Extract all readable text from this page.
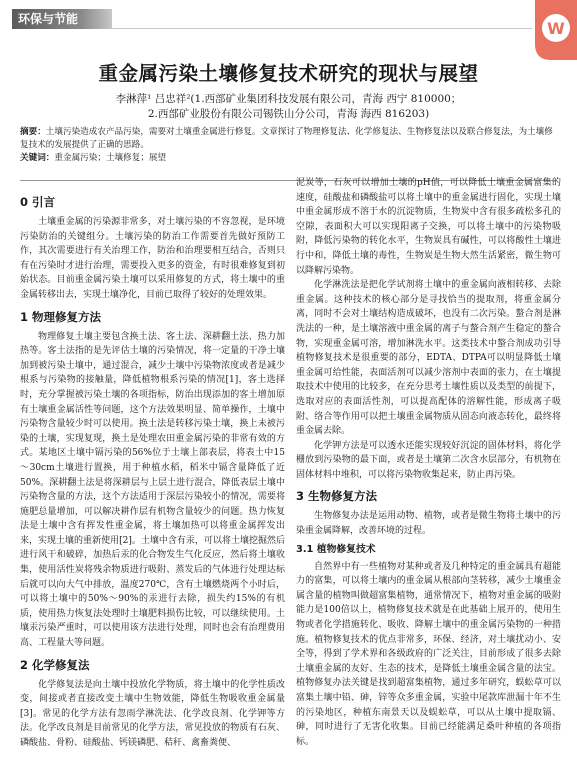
环保与节能	W
重金属污染土壤修复技术研究的现状与展望
李淋萍¹ 吕忠祥²(1.西部矿业集团科技发展有限公司，青海 西宁 810000；
2.西部矿业股份有限公司锡铁山分公司，青海 海西 816203)
摘要：土壤污染造成农产品污染，需要对土壤重金属进行修复。文章探讨了物理修复法、化学修复法、生物修复法以及联合修复法，为土壤修复技术的发展提供了正确的思路。
关键词：重金属污染；土壤修复；展望
0 引言

土壤重金属的污染源非常多，对土壤污染的不容忽视，是环境污染防治的关键组分。土壤污染的防治工作需要首先做好预防工作，其次需要进行有关治理工作，防治和治理要相互结合，否则只有在污染时才进行治理，需要投入更多的资金，有时很难修复到初始状态。目前重金属污染土壤可以采用修复的方式，将土壤中的重金属转移出去，实现土壤净化，目前已取得了较好的处理效果。

1 物理修复方法

物理修复土壤主要包含换土法、客土法、深耕翻土法、热力加热等。客土法指的是先评估土壤的污染情况，将一定量的干净土壤加到被污染土壤中，通过混合，减少土壤中污染物浓度或者是减少根系与污染物的接触量，降低植物根系污染的情况[1]，客土选择时，充分掌握被污染土壤的各项指标，防治出现添加的客土增加原有土壤重金属活性等问题，这个方法效果明显、简单操作，土壤中污染物含量较少时可以使用。换土法是转移污染土壤，换上未被污染的土壤，实现复现，换土是处理农田重金属污染的非常有效的方式。某地区土壤中镉污染的56%位于土壤上部表层，将表土中15～30cm土壤进行置换，用于种植水稻，稻米中镉含量降低了近50%。深耕翻土法是将深耕层与上层土进行混合，降低表层土壤中污染物含量的方法，这个方法适用于深层污染较小的情况，需要将施肥总量增加，可以解决耕作层有机物含量较少的问题。热力恢复法是土壤中含有挥发性重金属，将土壤加热可以将重金属挥发出来，实现土壤的重新使用[2]。土壤中含有汞，可以将土壤挖掘然后进行风干和破碎，加热后汞的化合物发生气化反应，然后将土壤收集，使用活性炭将残余物质进行吸附、蒸发后的气体进行处理达标后就可以向大气中排放，温度270℃，含有土壤燃烧两个小时后，可以将土壤中的50%～90%的汞进行去除，损失约15%的有机质，使用热力恢复法处理时土壤肥料损伤比较，可以继续使用。土壤汞污染严重时，可以使用该方法进行处理，同时也会有治理费用高、工程量大等问题。

2 化学修复法

化学修复法是向土壤中投放化学物质，将土壤中的化学性质改变，间接或者直接改变土壤中生物效能，降低生物吸收重金属量[3]。常见的化学方法有忽雨学淋洗法、化学改良剂、化学钾等方法。化学改良剂是目前常见的化学方法，常见投放的物质有石灰、磷酸盐、骨粉、硅酸盐、钙镁磷肥、秸秆、禽畜粪便、

泥炭等，石灰可以增加土壤的pH值，可以降低土壤重金属富集的速度，硅酸盐和磷酸盐可以将土壤中的重金属进行固化，实现土壤中重金属形成不溶于水的沉淀物质，生物炭中含有很多疏松多孔的空隙，表面积大可以实现阳离子交换，可以将土壤中的污染物吸附，降低污染物的转化水平，生物炭具有碱性，可以将酸性土壤进行中和，降低土壤的毒性，生物炭是生物大然生活紧密，微生物可以降解污染物。

化学淋洗法是把化学试剂将土壤中的重金属向液相转移、去除重金属。这种技术的核心部分是寻找恰当的提取剂，将重金属分离，同时不会对土壤结构造成破坏，也没有二次污染。螯合剂是淋洗法的一种，是土壤溶液中重金属的离子与螯合剂产生稳定的螯合物，实现重金属可溶，增加淋洗水平。这类技术中螯合剂成功引导植物修复技术是很重要的部分，EDTA、DTPA可以明显降低土壤重金属可给性能，表面活剂可以减少溶剂中表面的张力，在土壤提取技术中使用的比较多，在充分思考土壤性质以及类型的前提下，选取对应的表面活性剂，可以提高配体的溶解性能，形成离子吸附、络合等作用可以把土壤重金属物质从固态向液态转化，最终将重金属去除。

化学钾方法是可以透水还能实现较好沉淀的固体材料，将化学栅放到污染物的最下面，或者是土壤第二次含水层部分，有机物在固体材料中堆积，可以将污染物收集起来，防止再污染。

3 生物修复方法

生物修复办法是运用动物、植物，或者是微生物将土壤中的污染重金属降解，改善环境的过程。

3.1 植物修复技术

自然界中有一些植物对某种或者及几种特定的重金属具有超能力的富集，可以将土壤内的重金属从根部向茎转移，减少土壤重金属含量的植物叫做超富集植物，通常情况下，植物对重金属的吸附能力是100倍以上，植物修复技术就是在此基础上展开的，使用生物或者化学措施转化、吸收、降解土壤中的重金属污染物的一种措施。植物修复技术的优点非常多，环保、经济，对土壤扰动小、安全等，得到了学术界和各级政府的广泛关注，目前形成了很多去除土壤重金属的友好、生态的技术，是降低土壤重金属含量的法宝。植物修复办法关键是找到超富集植物，通过多年研究，蜈蚣草可以富集土壤中铅、砷，锌等众多重金属，实验中尾款库泄漏十年不生的污染地区，种植东南景天以及蜈蚣草，可以从土壤中提取镉、砷，同时进行了无害化收集。目前已经能满足桑叶种植的各项指标。
